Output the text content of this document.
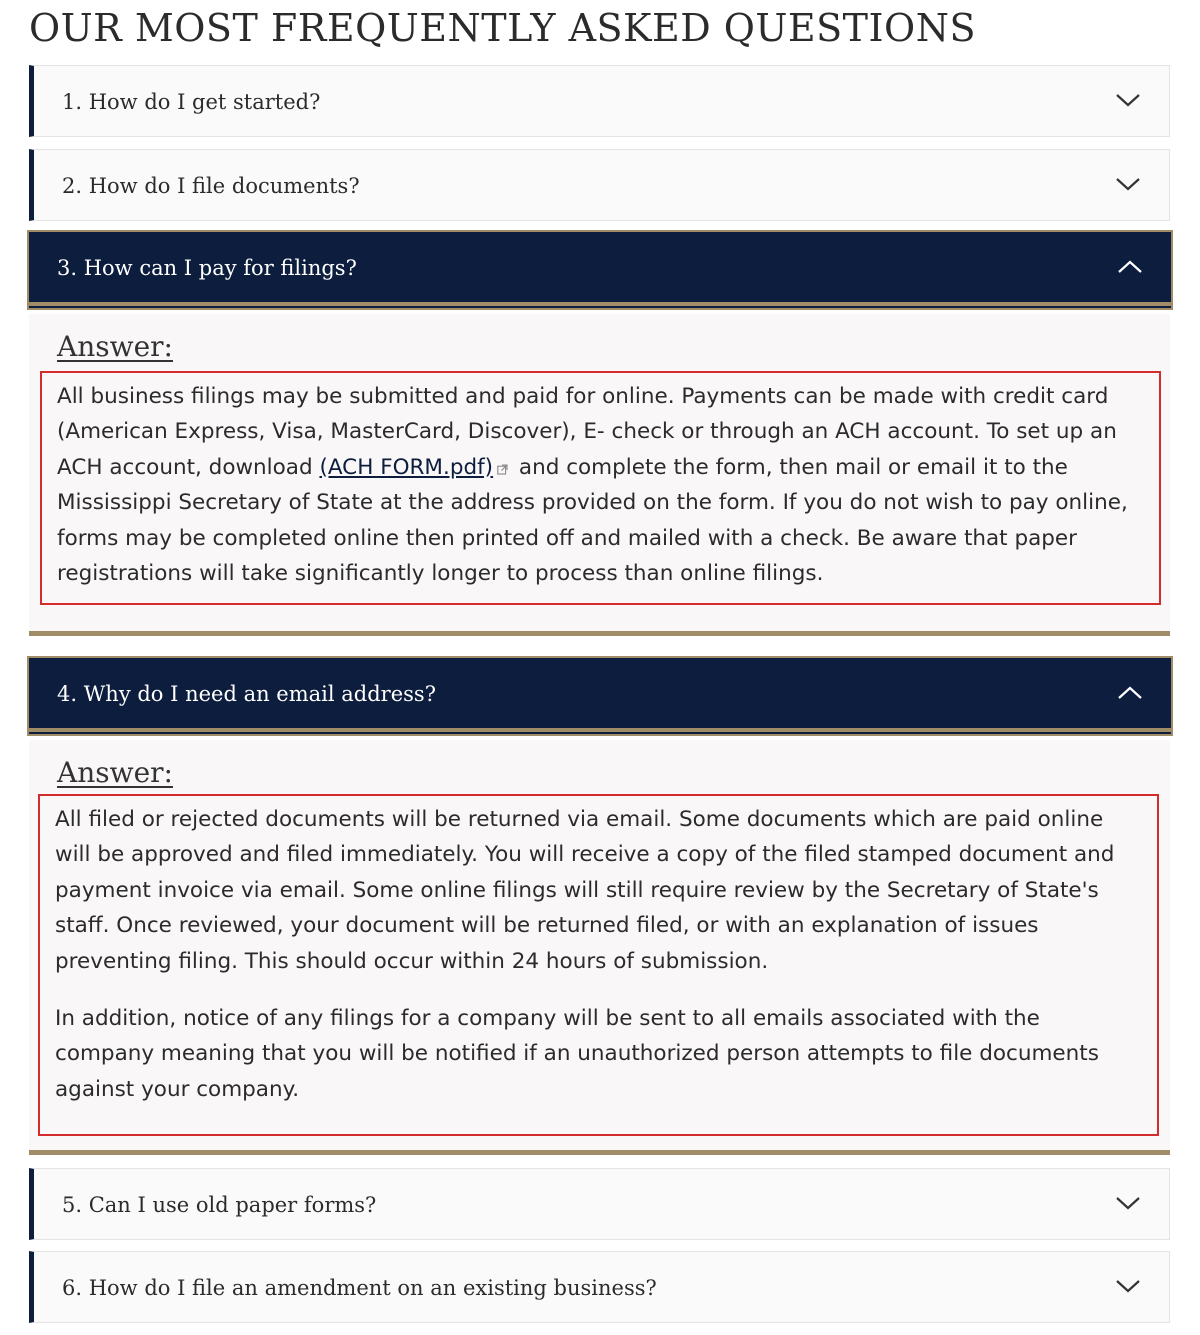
OUR MOST FREQUENTLY ASKED QUESTIONS
1. How do I get started?
2. How do I file documents?
3. How can I pay for filings?
Answer:

All business filings may be submitted and paid for online. Payments can be made with credit card (American Express, Visa, MasterCard, Discover), E- check or through an ACH account. To set up an ACH account, download (ACH FORM.pdf) and complete the form, then mail or email it to the Mississippi Secretary of State at the address provided on the form. If you do not wish to pay online, forms may be completed online then printed off and mailed with a check. Be aware that paper registrations will take significantly longer to process than online filings.

4. Why do I need an email address?
Answer:

All filed or rejected documents will be returned via email. Some documents which are paid online will be approved and filed immediately. You will receive a copy of the filed stamped document and payment invoice via email. Some online filings will still require review by the Secretary of State's staff. Once reviewed, your document will be returned filed, or with an explanation of issues preventing filing. This should occur within 24 hours of submission.

In addition, notice of any filings for a company will be sent to all emails associated with the company meaning that you will be notified if an unauthorized person attempts to file documents against your company.

5. Can I use old paper forms?
6. How do I file an amendment on an existing business?
